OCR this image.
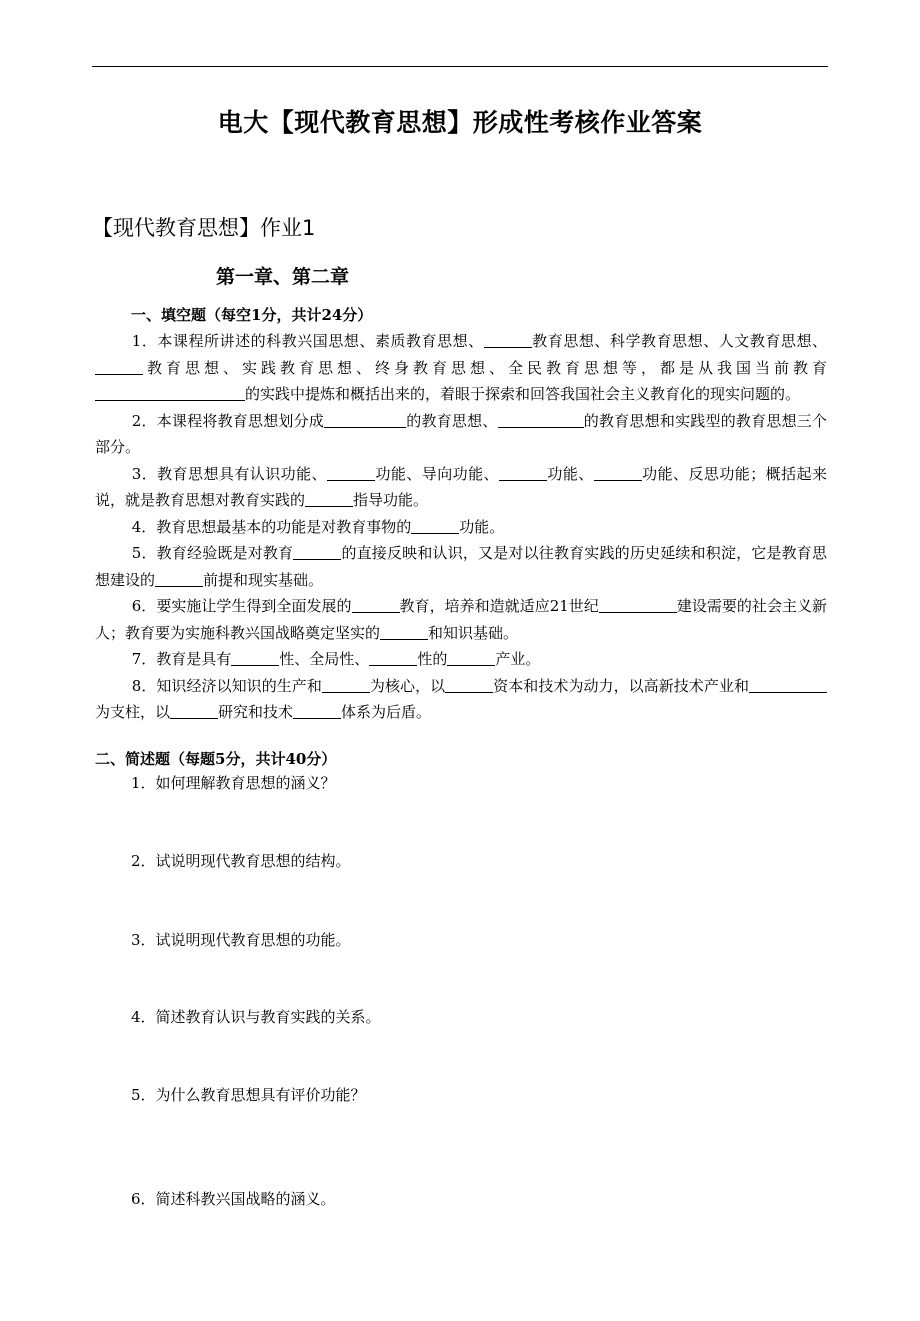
电大【现代教育思想】形成性考核作业答案
【现代教育思想】作业1
第一章、第二章
一、填空题（每空1分，共计24分）

1．本课程所讲述的科教兴国思想、素质教育思想、	教育思想、科学教育思想、人文教育思想、教育思想、实践教育思想、终身教育思想、全民教育思想等，都是从我国当前教育的实践中提炼和概括出来的，着眼于探索和回答我国社会主义教育化的现实问题的。

2．本课程将教育思想划分成	的教育思想、	的教育思想和实践型的教育思想三个部分。

3．教育思想具有认识功能、	功能、导向功能、	功能、	功能、反思功能；概括起来说，就是教育思想对教育实践的	指导功能。

4．教育思想最基本的功能是对教育事物的	功能。

5．教育经验既是对教育	的直接反映和认识，又是对以往教育实践的历史延续和积淀，它是教育思想建设的	前提和现实基础。

6．要实施让学生得到全面发展的	教育，培养和造就适应21世纪	建设需要的社会主义新人；教育要为实施科教兴国战略奠定坚实的	和知识基础。

7．教育是具有	性、全局性、	性的	产业。

8．知识经济以知识的生产和	为核心，以	资本和技术为动力，以高新技术产业和为支柱，以	研究和技术	体系为后盾。

二、简述题（每题5分，共计40分）
1．如何理解教育思想的涵义？
2．试说明现代教育思想的结构。
3．试说明现代教育思想的功能。
4．简述教育认识与教育实践的关系。
5．为什么教育思想具有评价功能？
6．简述科教兴国战略的涵义。
